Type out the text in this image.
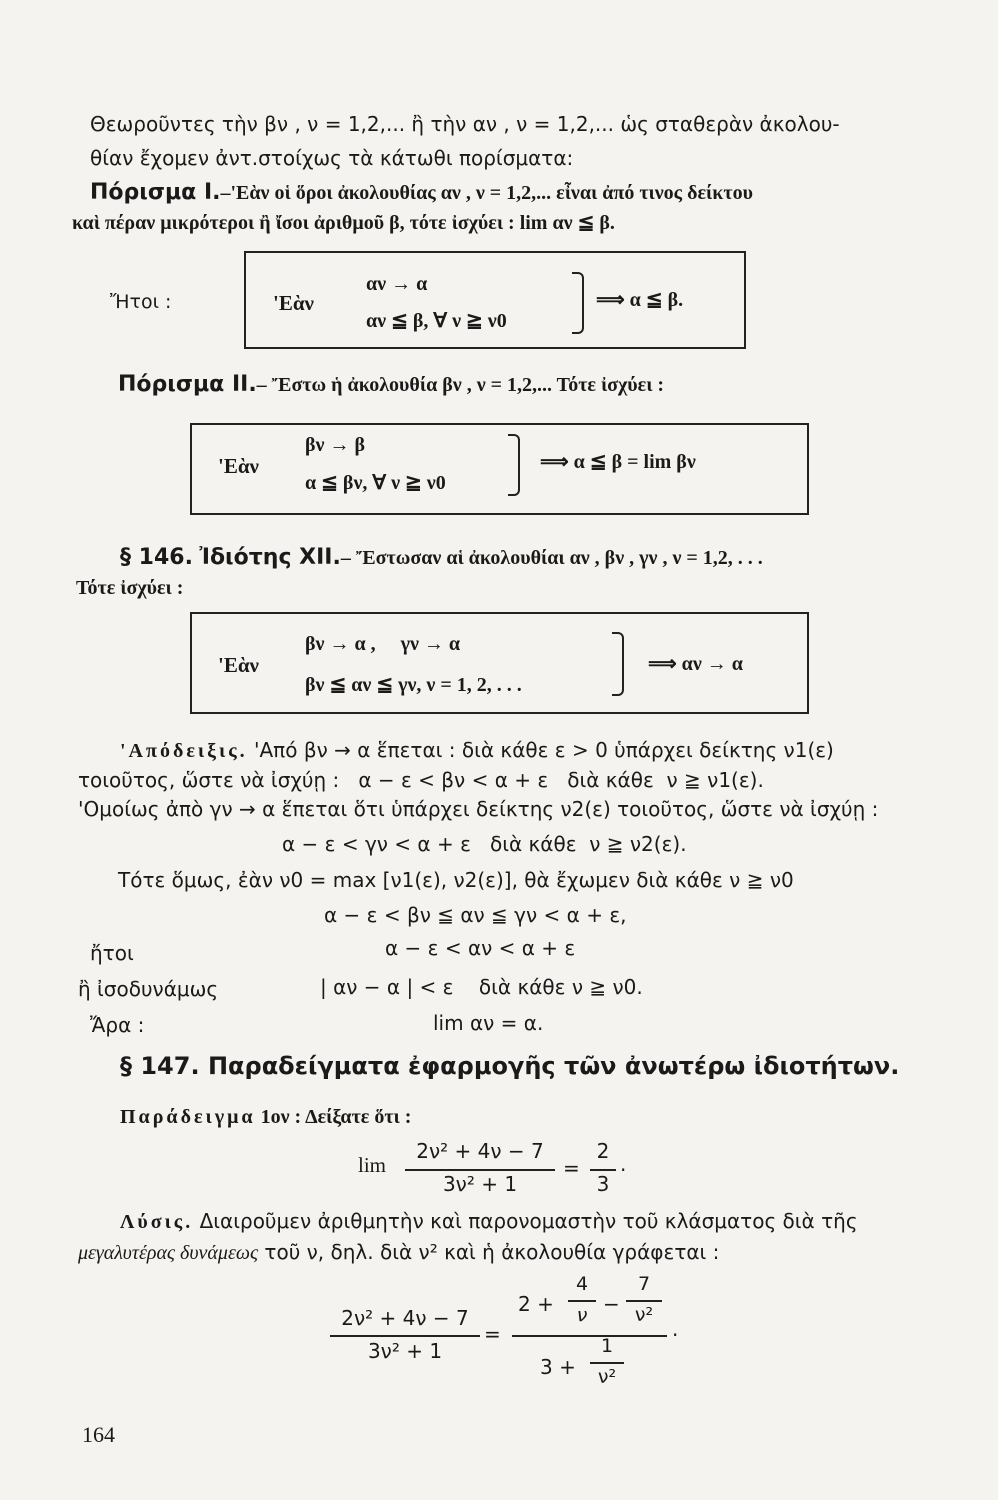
Θεωροῦντες τὴν βν , ν = 1,2,... ἢ τὴν αν , ν = 1,2,... ὡς σταθερὰν ἀκολου-
θίαν ἔχομεν ἀντ.στοίχως τὰ κάτωθι πορίσματα:
Πόρισμα Ι.–'Εὰν οἱ ὅροι ἀκολουθίας αν , ν = 1,2,... εἶναι ἀπό τινος δείκτου
καὶ πέραν μικρότεροι ἢ ἴσοι ἀριθμοῦ β, τότε ἰσχύει : lim αν ≦ β.
Ἤτοι :	'Εὰν
αν → α
αν ≦ β, ∀ ν ≧ ν0
⟹ α ≦ β.
Πόρισμα ΙΙ.– Ἔστω ἡ ἀκολουθία βν , ν = 1,2,... Τότε ἰσχύει :
'Εὰν
βν → β
α ≦ βν, ∀ ν ≧ ν0
⟹ α ≦ β = lim βν
§ 146. Ἰδιότης ΧΙΙ.– Ἔστωσαν αἱ ἀκολουθίαι αν , βν , γν , ν = 1,2, . . .
Τότε ἰσχύει :
'Εὰν
βν → α ,     γν → α
βν ≦ αν ≦ γν, ν = 1, 2, . . .
⟹ αν → α
'Απόδειξις. 'Από βν → α ἕπεται : διὰ κάθε ε > 0 ὑπάρχει δείκτης ν1(ε)
τοιοῦτος, ὥστε νὰ ἰσχύῃ :   α − ε < βν < α + ε   διὰ κάθε  ν ≧ ν1(ε).
'Ομοίως ἀπὸ γν → α ἕπεται ὅτι ὑπάρχει δείκτης ν2(ε) τοιοῦτος, ὥστε νὰ ἰσχύῃ :
α − ε < γν < α + ε   διὰ κάθε  ν ≧ ν2(ε).
Τότε ὅμως, ἐὰν ν0 = max [ν1(ε), ν2(ε)], θὰ ἔχωμεν διὰ κάθε ν ≧ ν0
α − ε < βν ≦ αν ≦ γν < α + ε,
ἤτοι	α − ε < αν < α + ε
ἢ ἰσοδυνάμως	| αν − α | < ε    διὰ κάθε ν ≧ ν0.
Ἄρα :	lim αν = α.
§ 147. Παραδείγματα ἐφαρμογῆς τῶν ἀνωτέρω ἰδιοτήτων.
Παράδειγμα 1ον : Δείξατε ὅτι :
lim
2ν² + 4ν − 7
3ν² + 1
=
2
3
·
Λύσις. Διαιροῦμεν ἀριθμητὴν καὶ παρονομαστὴν τοῦ κλάσματος διὰ τῆς
μεγαλυτέρας δυνάμεως τοῦ ν, δηλ. διὰ ν² καὶ ἡ ἀκολουθία γράφεται :
2ν² + 4ν − 7
3ν² + 1
=
2 +
4
ν −
7
ν²
3 +
1
ν²
·
164
